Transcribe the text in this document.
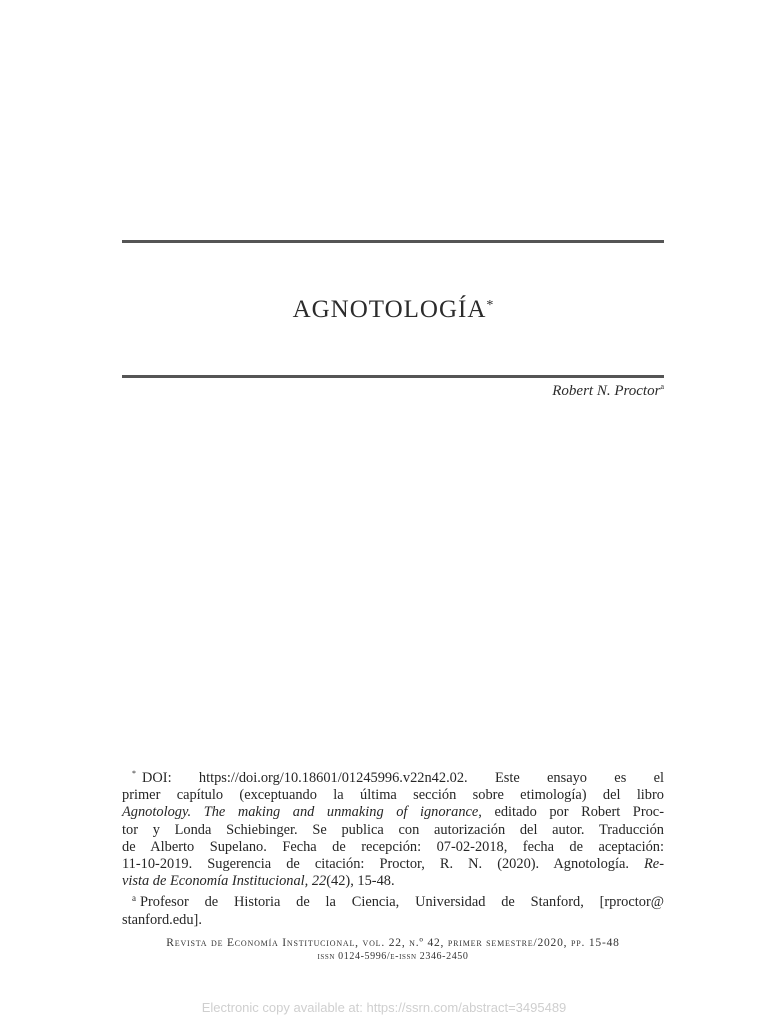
AGNOTOLOGÍA*
Robert N. Proctor$^a$
* DOI: https://doi.org/10.18601/01245996.v22n42.02. Este ensayo es el
primer capítulo (exceptuando la última sección sobre etimología) del libro
Agnotology. The making and unmaking of ignorance, editado por Robert Proc-
tor y Londa Schiebinger. Se publica con autorización del autor. Traducción
de Alberto Supelano. Fecha de recepción: 07-02-2018, fecha de aceptación:
11-10-2019. Sugerencia de citación: Proctor, R. N. (2020). Agnotología. Re-
vista de Economía Institucional, 22(42), 15-48.
$^a$ Profesor de Historia de la Ciencia, Universidad de Stanford, [rproctor@
stanford.edu].
Revista de Economía Institucional, vol. 22, n.º 42, primer semestre/2020, pp. 15-48
issn 0124-5996/e-issn 2346-2450
Electronic copy available at: https://ssrn.com/abstract=3495489
